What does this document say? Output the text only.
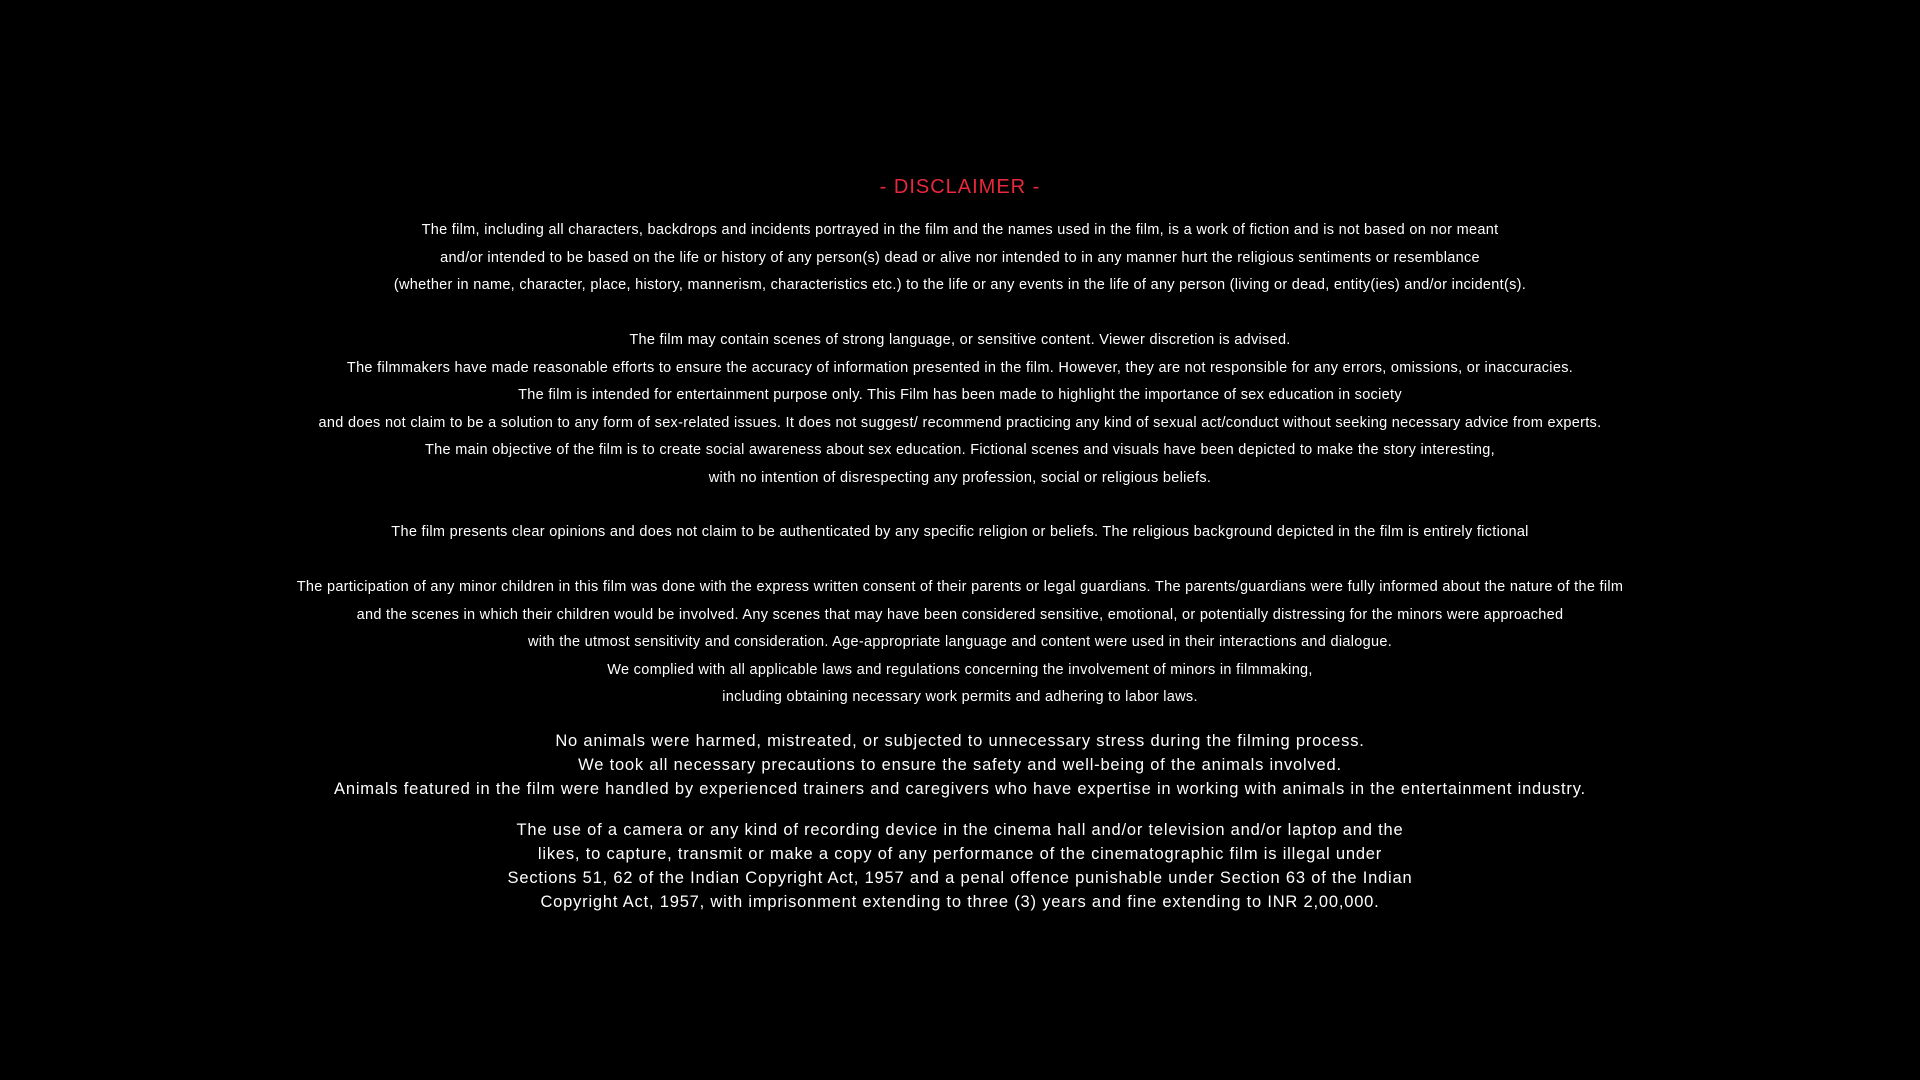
- DISCLAIMER -

The film, including all characters, backdrops and incidents portrayed in the film and the names used in the film, is a work of fiction and is not based on nor meant

and/or intended to be based on the life or history of any person(s) dead or alive nor intended to in any manner hurt the religious sentiments or resemblance

(whether in name, character, place, history, mannerism, characteristics etc.) to the life or any events in the life of any person (living or dead, entity(ies) and/or incident(s).

The film may contain scenes of strong language, or sensitive content. Viewer discretion is advised.

The filmmakers have made reasonable efforts to ensure the accuracy of information presented in the film. However, they are not responsible for any errors, omissions, or inaccuracies.

The film is intended for entertainment purpose only. This Film has been made to highlight the importance of sex education in society

and does not claim to be a solution to any form of sex-related issues. It does not suggest/ recommend practicing any kind of sexual act/conduct without seeking necessary advice from experts.

The main objective of the film is to create social awareness about sex education. Fictional scenes and visuals have been depicted to make the story interesting,

with no intention of disrespecting any profession, social or religious beliefs.

The film presents clear opinions and does not claim to be authenticated by any specific religion or beliefs. The religious background depicted in the film is entirely fictional

The participation of any minor children in this film was done with the express written consent of their parents or legal guardians. The parents/guardians were fully informed about the nature of the film

and the scenes in which their children would be involved. Any scenes that may have been considered sensitive, emotional, or potentially distressing for the minors were approached

with the utmost sensitivity and consideration. Age-appropriate language and content were used in their interactions and dialogue.

We complied with all applicable laws and regulations concerning the involvement of minors in filmmaking,

including obtaining necessary work permits and adhering to labor laws.

No animals were harmed, mistreated, or subjected to unnecessary stress during the filming process.

We took all necessary precautions to ensure the safety and well-being of the animals involved.

Animals featured in the film were handled by experienced trainers and caregivers who have expertise in working with animals in the entertainment industry.

The use of a camera or any kind of recording device in the cinema hall and/or television and/or laptop and the

likes, to capture, transmit or make a copy of any performance of the cinematographic film is illegal under

Sections 51, 62 of the Indian Copyright Act, 1957 and a penal offence punishable under Section 63 of the Indian

Copyright Act, 1957, with imprisonment extending to three (3) years and fine extending to INR 2,00,000.
